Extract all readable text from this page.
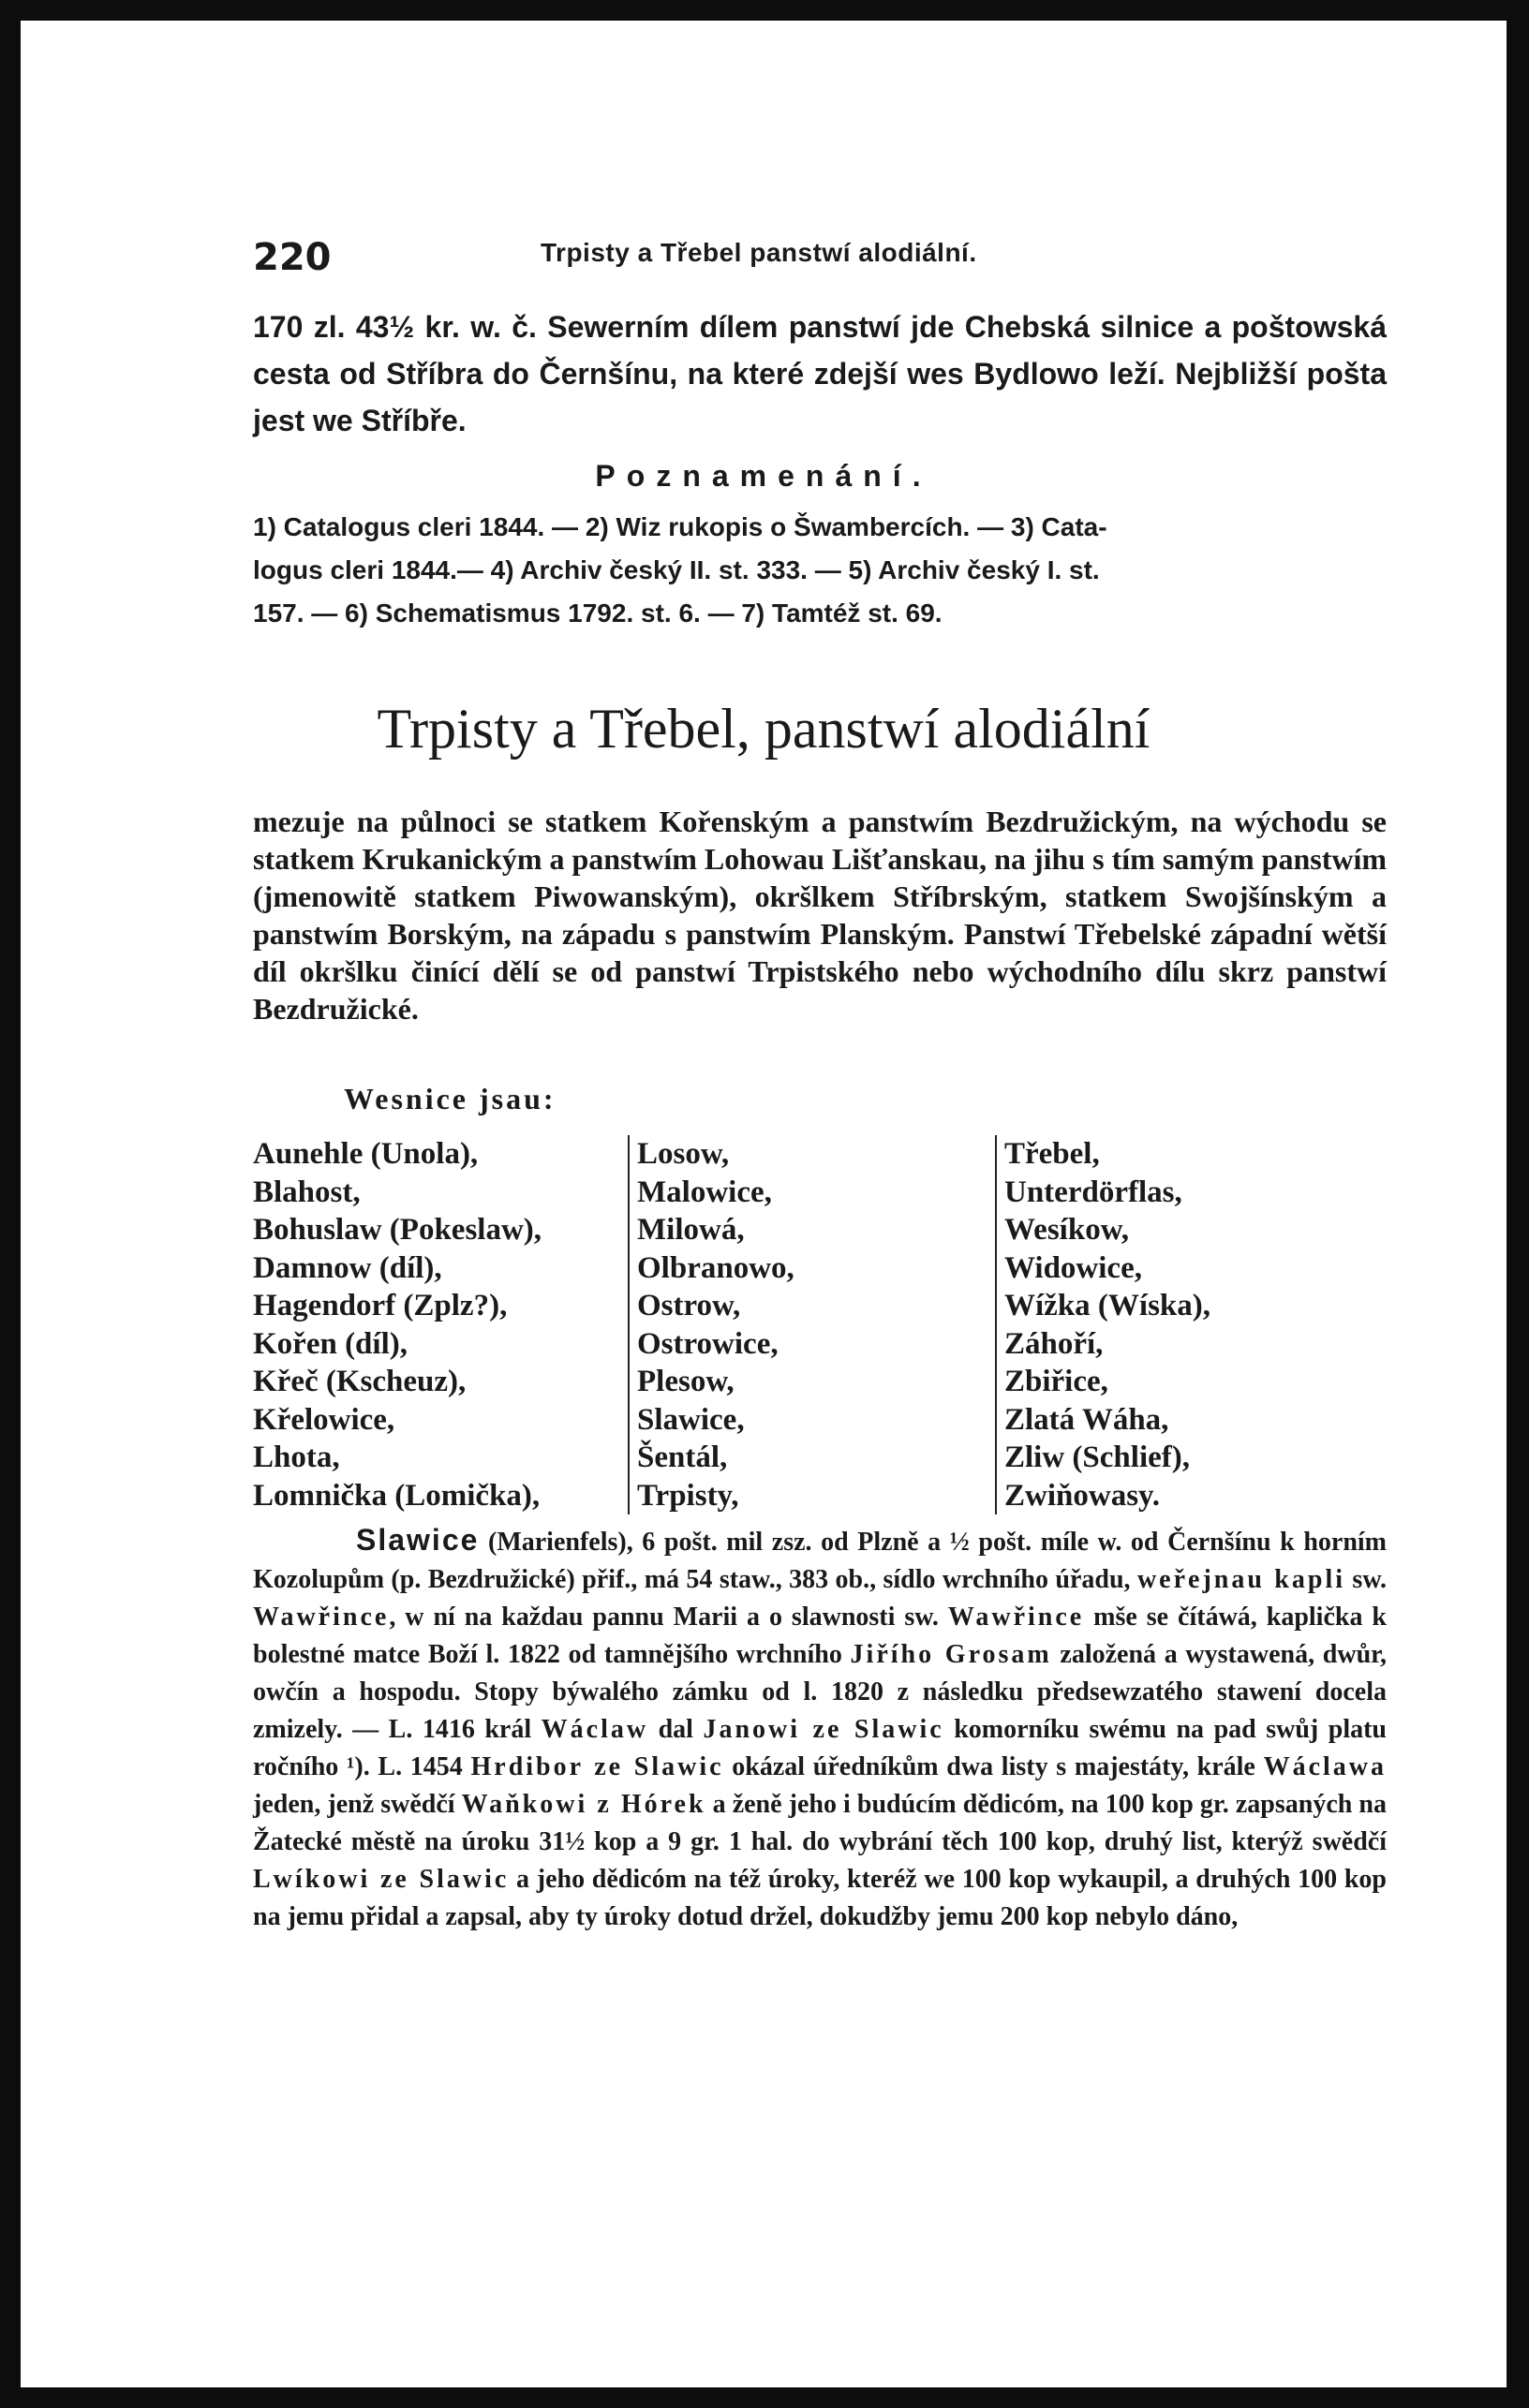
220	Trpisty a Třebel panstwí alodiální.

170 zl. 43½ kr. w. č. Sewerním dílem panstwí jde Chebská silnice a poštowská cesta od Stříbra do Černšínu, na které zdejší wes Bydlowo leží. Nejbližší pošta jest we Stříbře.

Poznamenání.
1) Catalogus cleri 1844. — 2) Wiz rukopis o Šwambercích. — 3) Cata-
logus cleri 1844.— 4) Archiv český II. st. 333. — 5) Archiv český I. st.
157. — 6) Schematismus 1792. st. 6. — 7) Tamtéž st. 69.
Trpisty a Třebel, panstwí alodiální

mezuje na půlnoci se statkem Kořenským a panstwím Bezdružickým, na wýchodu se statkem Krukanickým a panstwím Lohowau Lišťanskau, na jihu s tím samým panstwím (jmenowitě statkem Piwowanským), okršlkem Stříbrským, statkem Swojšínským a panstwím Borským, na západu s panstwím Planským. Panstwí Třebelské západní wětší díl okršlku činící dělí se od panstwí Trpistského nebo wýchodního dílu skrz panstwí Bezdružické.

Wesnice jsau:
Aunehle (Unola),
Blahost,
Bohuslaw (Pokeslaw),
Damnow (díl),
Hagendorf (Zplz?),
Kořen (díl),
Křeč (Kscheuz),
Křelowice,
Lhota,
Lomnička (Lomička),
Losow,
Malowice,
Milowá,
Olbranowo,
Ostrow,
Ostrowice,
Plesow,
Slawice,
Šentál,
Trpisty,
Třebel,
Unterdörflas,
Wesíkow,
Widowice,
Wížka (Wíska),
Záhoří,
Zbiřice,
Zlatá Wáha,
Zliw (Schlief),
Zwiňowasy.

Slawice (Marienfels), 6 pošt. mil zsz. od Plzně a ½ pošt. míle w. od Černšínu k horním Kozolupům (p. Bezdružické) přif., má 54 staw., 383 ob., sídlo wrchního úřadu, weřejnau kapli sw. Wawřince, w ní na každau pannu Marii a o slawnosti sw. Wawřince mše se čítáwá, kaplička k bolestné matce Boží l. 1822 od tamnějšího wrchního Jiřího Grosam založená a wystawená, dwůr, owčín a hospodu. Stopy býwalého zámku od l. 1820 z následku předsewzatého stawení docela zmizely. — L. 1416 král Wáclaw dal Janowi ze Slawic komorníku swému na pad swůj platu ročního ¹). L. 1454 Hrdibor ze Slawic okázal úředníkům dwa listy s majestáty, krále Wáclawa jeden, jenž swědčí Waňkowi z Hórek a ženě jeho i budúcím dědicóm, na 100 kop gr. zapsaných na Žatecké městě na úroku 31½ kop a 9 gr. 1 hal. do wybrání těch 100 kop, druhý list, kterýž swědčí Lwíkowi ze Slawic a jeho dědicóm na též úroky, kteréž we 100 kop wykaupil, a druhých 100 kop na jemu přidal a zapsal, aby ty úroky dotud držel, dokudžby jemu 200 kop nebylo dáno,
